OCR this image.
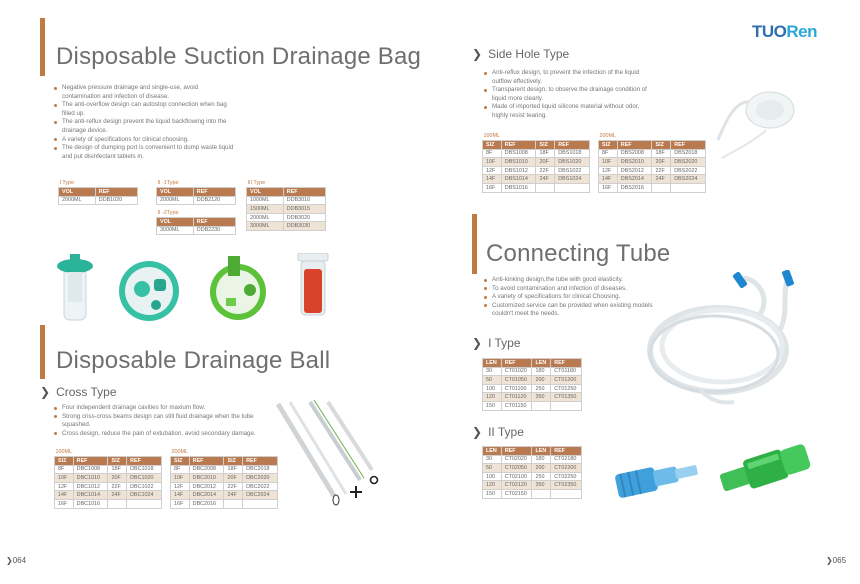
TUORen
Disposable Suction Drainage Bag
Negative pressure drainage and single-use, avoid contamination and infection of disease.
The anti-overflow design can autostop connection when bag filled up.
The anti-reflux design prevent the liquid backflowing into the drainage device.
A variety of specifications for clinical choosing.
The design of dumping port is convenient to dump waste liquid and put disinfectant tablets in.
I Type	
VOL	REF
2000ML	DDB1020
II -1Type	
VOL	REF
2000ML	DDB2120
II -2Type	
VOL	REF
3000ML	DDB2230
III Type	
VOL	REF
1000ML	DDB3010
1500ML	DDB3015
2000ML	DDB3020
3000ML	DDB3030
Disposable Drainage Ball
❯ Cross Type
Four independent drainage cavities for maxium flow.
Strong criss-cross beams design can still fluid drainage when the tube squashed.
Cross design, reduce the pain of extubation, avoid secondary damage.
100ML			
SIZ	REF	SIZ	REF
8F	DBC1008	18F	DBC1018
10F	DBC1010	20F	DBC1020
12F	DBC1012	22F	DBC1022
14F	DBC1014	24F	DBC1024
16F	DBC1016		
200ML			
SIZ	REF	SIZ	REF
8F	DBC2008	18F	DBC2018
10F	DBC2010	20F	DBC2020
12F	DBC2012	22F	DBC2022
14F	DBC2014	24F	DBC2024
16F	DBC2016		
❯064
❯ Side Hole Type
Anti-reflux design, to prevent the infection of the liquid outflow effectively.
Transparent design, to observe the drainage condition of liquid more clearly.
Made of imported liquid silicone material without odor, highly resist tearing.
100ML			
SIZ	REF	SIZ	REF
8F	DBS1008	18F	DBS1018
10F	DBS1010	20F	DBS1020
12F	DBS1012	22F	DBS1022
14F	DBS1014	24F	DBS1024
16F	DBS1016		
200ML			
SIZ	REF	SIZ	REF
8F	DBS2008	18F	DBS2018
10F	DBS2010	20F	DBS2020
12F	DBS2012	22F	DBS2022
14F	DBS2014	24F	DBS2024
16F	DBS2016		
Connecting Tube
Anti-kinking design,the tube with good elasticity.
To avoid contamination and infection of diseases.
A variety of specifications for clinical Choosing.
Customized service can be provided when existing models couldn't meet the needs.
❯ I Type
LEN	REF	LEN	REF
30	CT01020	180	CT01180
50	CT01050	200	CT01200
100	CT01100	250	CT01250
120	CT01120	350	CT01350
150	CT01150		
❯ II Type
LEN	REF	LEN	REF
30	CT02020	180	CT02180
50	CT02050	200	CT02200
100	CT02100	250	CT02250
120	CT02120	350	CT02350
150	CT02150		
❯065
